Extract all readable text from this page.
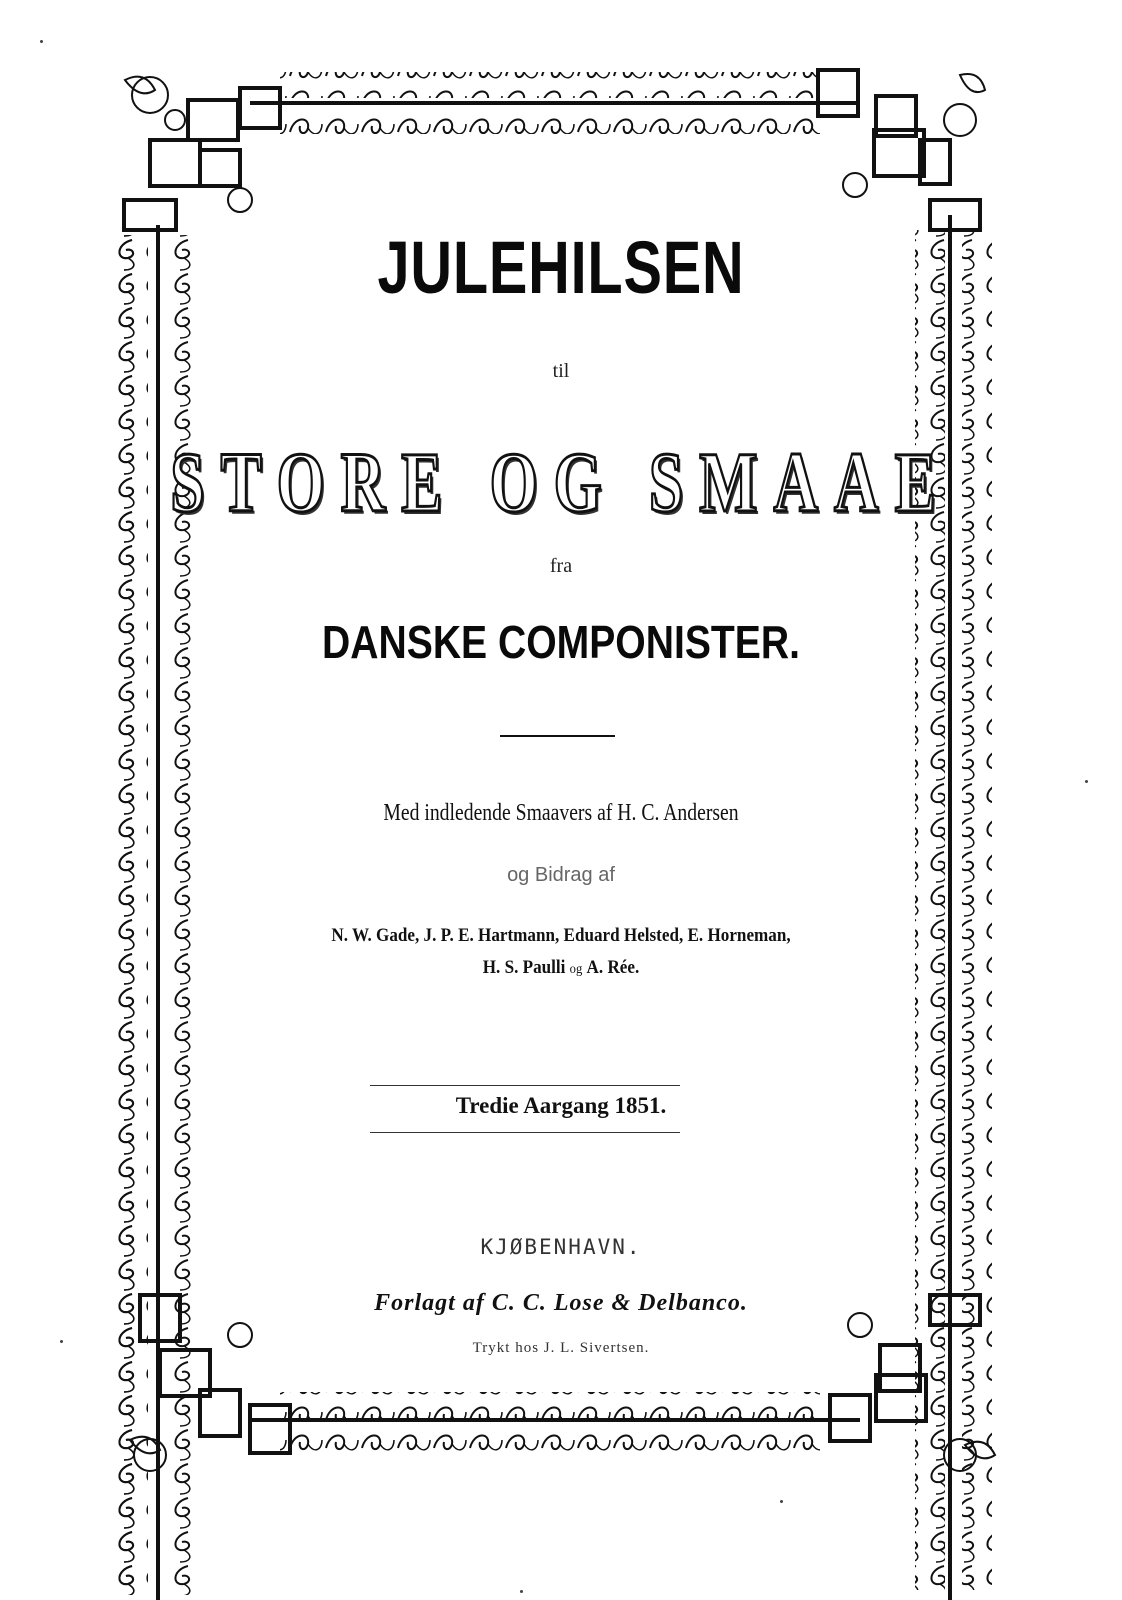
JULEHILSEN
til
STORE OG SMAAE
fra
DANSKE COMPONISTER.
Med indledende Smaavers af H. C. Andersen
og Bidrag af
N. W. Gade, J. P. E. Hartmann, Eduard Helsted, E. Horneman,
H. S. Paulli og A. Rée.
Tredie Aargang 1851.
KJØBENHAVN.
Forlagt af C. C. Lose & Delbanco.
Trykt hos J. L. Sivertsen.
